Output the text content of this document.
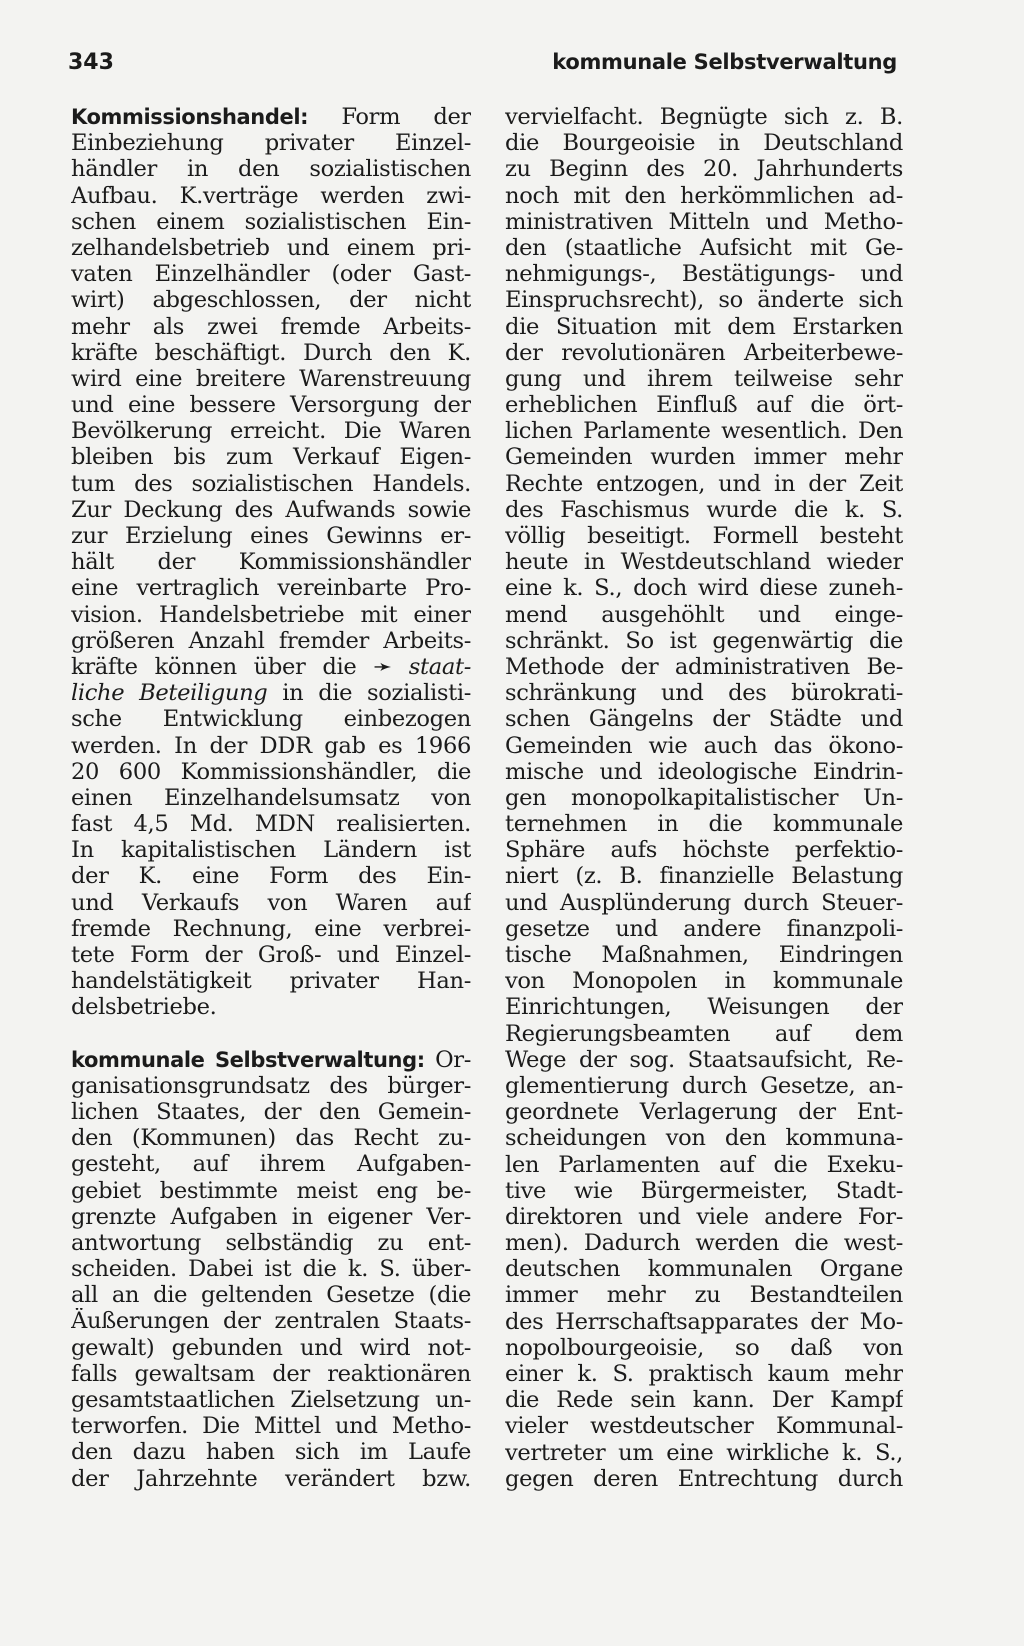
343	kommunale Selbstverwaltung
Kommissionshandel: Form der
Einbeziehung privater Einzel-
händler in den sozialistischen
Aufbau. K.verträge werden zwi-
schen einem sozialistischen Ein-
zelhandelsbetrieb und einem pri-
vaten Einzelhändler (oder Gast-
wirt) abgeschlossen, der nicht
mehr als zwei fremde Arbeits-
kräfte beschäftigt. Durch den K.
wird eine breitere Warenstreuung
und eine bessere Versorgung der
Bevölkerung erreicht. Die Waren
bleiben bis zum Verkauf Eigen-
tum des sozialistischen Handels.
Zur Deckung des Aufwands sowie
zur Erzielung eines Gewinns er-
hält der Kommissionshändler
eine vertraglich vereinbarte Pro-
vision. Handelsbetriebe mit einer
größeren Anzahl fremder Arbeits-
kräfte können über die ➛ staat-
liche Beteiligung in die sozialisti-
sche Entwicklung einbezogen
werden. In der DDR gab es 1966
20 600 Kommissionshändler, die
einen Einzelhandelsumsatz von
fast 4,5 Md. MDN realisierten.
In kapitalistischen Ländern ist
der K. eine Form des Ein-
und Verkaufs von Waren auf
fremde Rechnung, eine verbrei-
tete Form der Groß- und Einzel-
handelstätigkeit privater Han-
delsbetriebe.
kommunale Selbstverwaltung: Or-
ganisationsgrundsatz des bürger-
lichen Staates, der den Gemein-
den (Kommunen) das Recht zu-
gesteht, auf ihrem Aufgaben-
gebiet bestimmte meist eng be-
grenzte Aufgaben in eigener Ver-
antwortung selbständig zu ent-
scheiden. Dabei ist die k. S. über-
all an die geltenden Gesetze (die
Äußerungen der zentralen Staats-
gewalt) gebunden und wird not-
falls gewaltsam der reaktionären
gesamtstaatlichen Zielsetzung un-
terworfen. Die Mittel und Metho-
den dazu haben sich im Laufe
der Jahrzehnte verändert bzw.
vervielfacht. Begnügte sich z. B.
die Bourgeoisie in Deutschland
zu Beginn des 20. Jahrhunderts
noch mit den herkömmlichen ad-
ministrativen Mitteln und Metho-
den (staatliche Aufsicht mit Ge-
nehmigungs-, Bestätigungs- und
Einspruchsrecht), so änderte sich
die Situation mit dem Erstarken
der revolutionären Arbeiterbewe-
gung und ihrem teilweise sehr
erheblichen Einfluß auf die ört-
lichen Parlamente wesentlich. Den
Gemeinden wurden immer mehr
Rechte entzogen, und in der Zeit
des Faschismus wurde die k. S.
völlig beseitigt. Formell besteht
heute in Westdeutschland wieder
eine k. S., doch wird diese zuneh-
mend ausgehöhlt und einge-
schränkt. So ist gegenwärtig die
Methode der administrativen Be-
schränkung und des bürokrati-
schen Gängelns der Städte und
Gemeinden wie auch das ökono-
mische und ideologische Eindrin-
gen monopolkapitalistischer Un-
ternehmen in die kommunale
Sphäre aufs höchste perfektio-
niert (z. B. finanzielle Belastung
und Ausplünderung durch Steuer-
gesetze und andere finanzpoli-
tische Maßnahmen, Eindringen
von Monopolen in kommunale
Einrichtungen, Weisungen der
Regierungsbeamten auf dem
Wege der sog. Staatsaufsicht, Re-
glementierung durch Gesetze, an-
geordnete Verlagerung der Ent-
scheidungen von den kommuna-
len Parlamenten auf die Exeku-
tive wie Bürgermeister, Stadt-
direktoren und viele andere For-
men). Dadurch werden die west-
deutschen kommunalen Organe
immer mehr zu Bestandteilen
des Herrschaftsapparates der Mo-
nopolbourgeoisie, so daß von
einer k. S. praktisch kaum mehr
die Rede sein kann. Der Kampf
vieler westdeutscher Kommunal-
vertreter um eine wirkliche k. S.,
gegen deren Entrechtung durch
